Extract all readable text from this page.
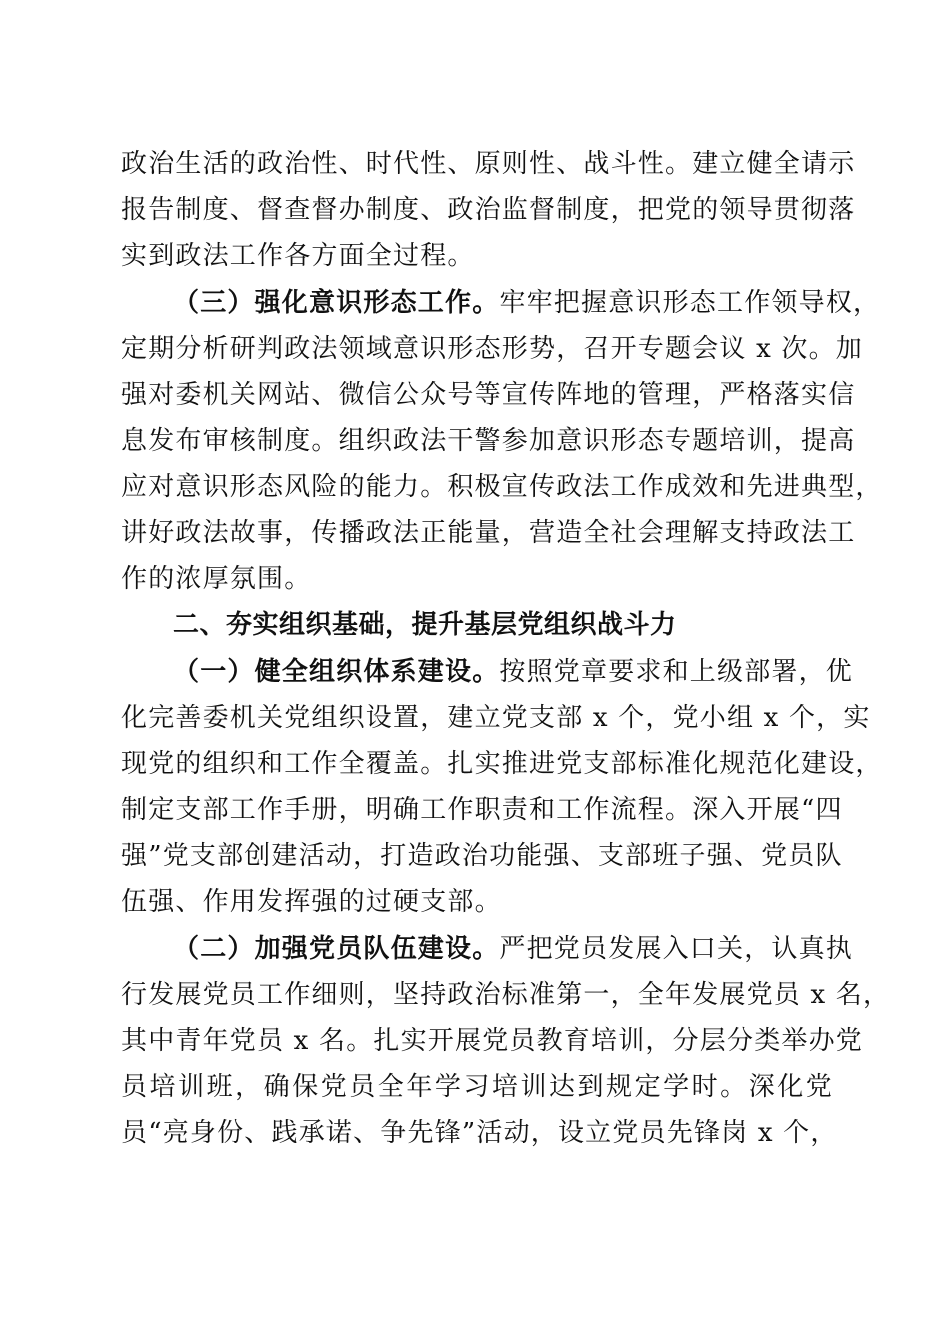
政治生活的政治性、时代性、原则性、战斗性。建立健全请示
报告制度、督查督办制度、政治监督制度，把党的领导贯彻落
实到政法工作各方面全过程。
（三）强化意识形态工作。牢牢把握意识形态工作领导权，
定期分析研判政法领域意识形态形势，召开专题会议 x 次。加
强对委机关网站、微信公众号等宣传阵地的管理，严格落实信
息发布审核制度。组织政法干警参加意识形态专题培训，提高
应对意识形态风险的能力。积极宣传政法工作成效和先进典型，
讲好政法故事，传播政法正能量，营造全社会理解支持政法工
作的浓厚氛围。
二、夯实组织基础，提升基层党组织战斗力
（一）健全组织体系建设。按照党章要求和上级部署，优
化完善委机关党组织设置，建立党支部 x 个，党小组 x 个，实
现党的组织和工作全覆盖。扎实推进党支部标准化规范化建设，
制定支部工作手册，明确工作职责和工作流程。深入开展“四
强”党支部创建活动，打造政治功能强、支部班子强、党员队
伍强、作用发挥强的过硬支部。
（二）加强党员队伍建设。严把党员发展入口关，认真执
行发展党员工作细则，坚持政治标准第一，全年发展党员 x 名，
其中青年党员 x 名。扎实开展党员教育培训，分层分类举办党
员培训班，确保党员全年学习培训达到规定学时。深化党
员“亮身份、践承诺、争先锋”活动，设立党员先锋岗 x 个，
